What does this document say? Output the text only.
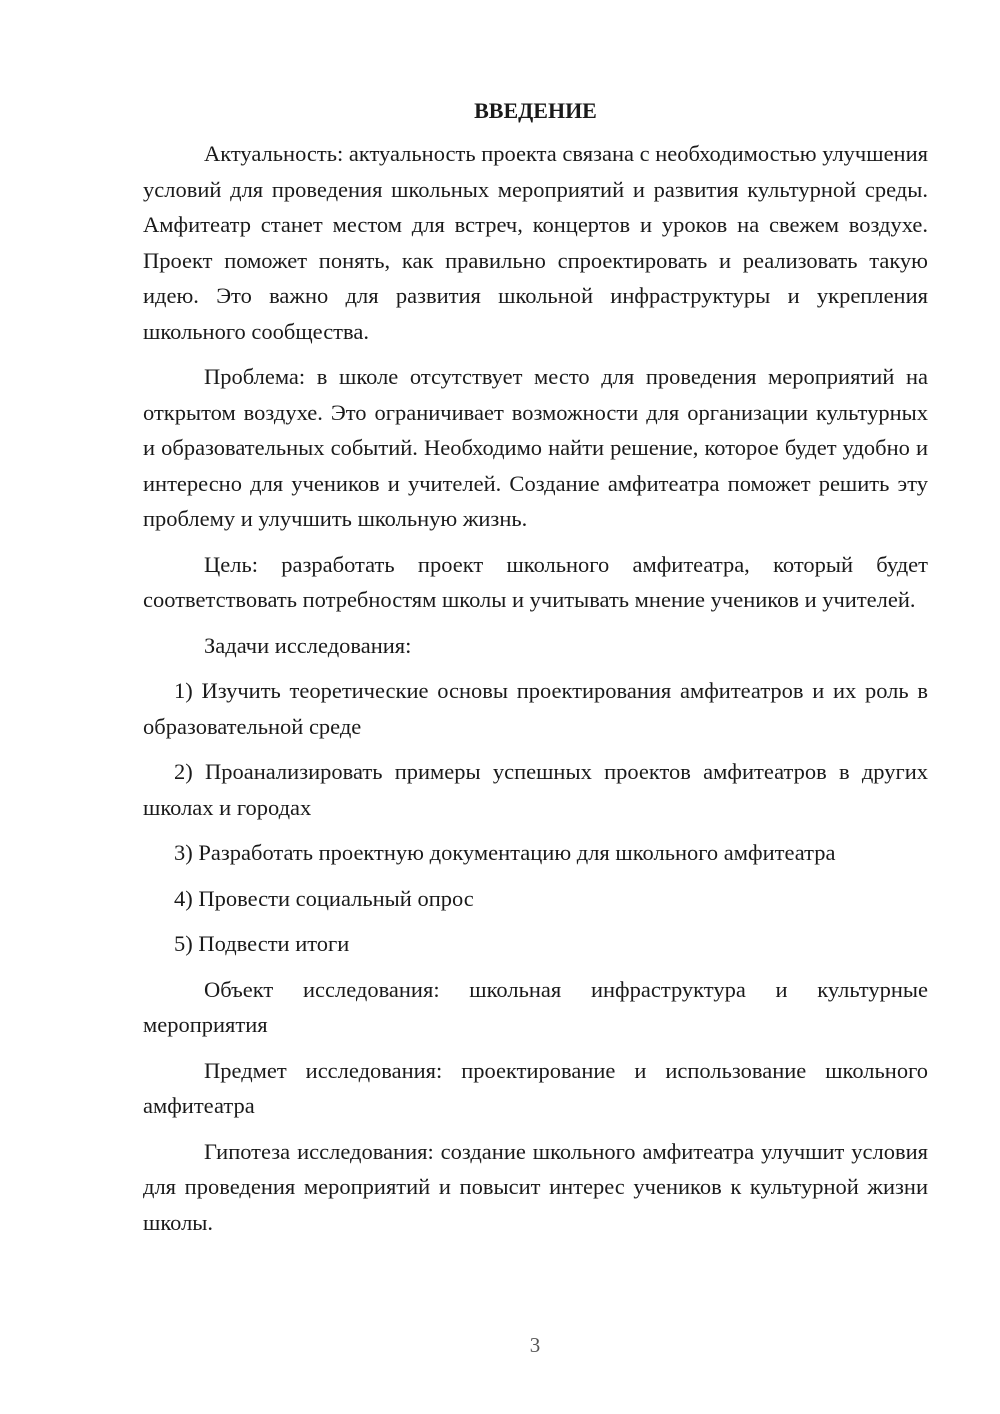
ВВЕДЕНИЕ

Актуальность: актуальность проекта связана с необходимостью улучшения условий для проведения школьных мероприятий и развития культурной среды. Амфитеатр станет местом для встреч, концертов и уроков на свежем воздухе. Проект поможет понять, как правильно спроектировать и реализовать такую идею. Это важно для развития школьной инфраструктуры и укрепления школьного сообщества.

Проблема: в школе отсутствует место для проведения мероприятий на открытом воздухе. Это ограничивает возможности для организации культурных и образовательных событий. Необходимо найти решение, которое будет удобно и интересно для учеников и учителей. Создание амфитеатра поможет решить эту проблему и улучшить школьную жизнь.

Цель: разработать проект школьного амфитеатра, который будет соответствовать потребностям школы и учитывать мнение учеников и учителей.

Задачи исследования:

1) Изучить теоретические основы проектирования амфитеатров и их роль в образовательной среде

2) Проанализировать примеры успешных проектов амфитеатров в других школах и городах

3) Разработать проектную документацию для школьного амфитеатра

4) Провести социальный опрос

5) Подвести итоги

Объект исследования: школьная инфраструктура и культурные мероприятия

Предмет исследования: проектирование и использование школьного амфитеатра

Гипотеза исследования: создание школьного амфитеатра улучшит условия для проведения мероприятий и повысит интерес учеников к культурной жизни школы.

3
